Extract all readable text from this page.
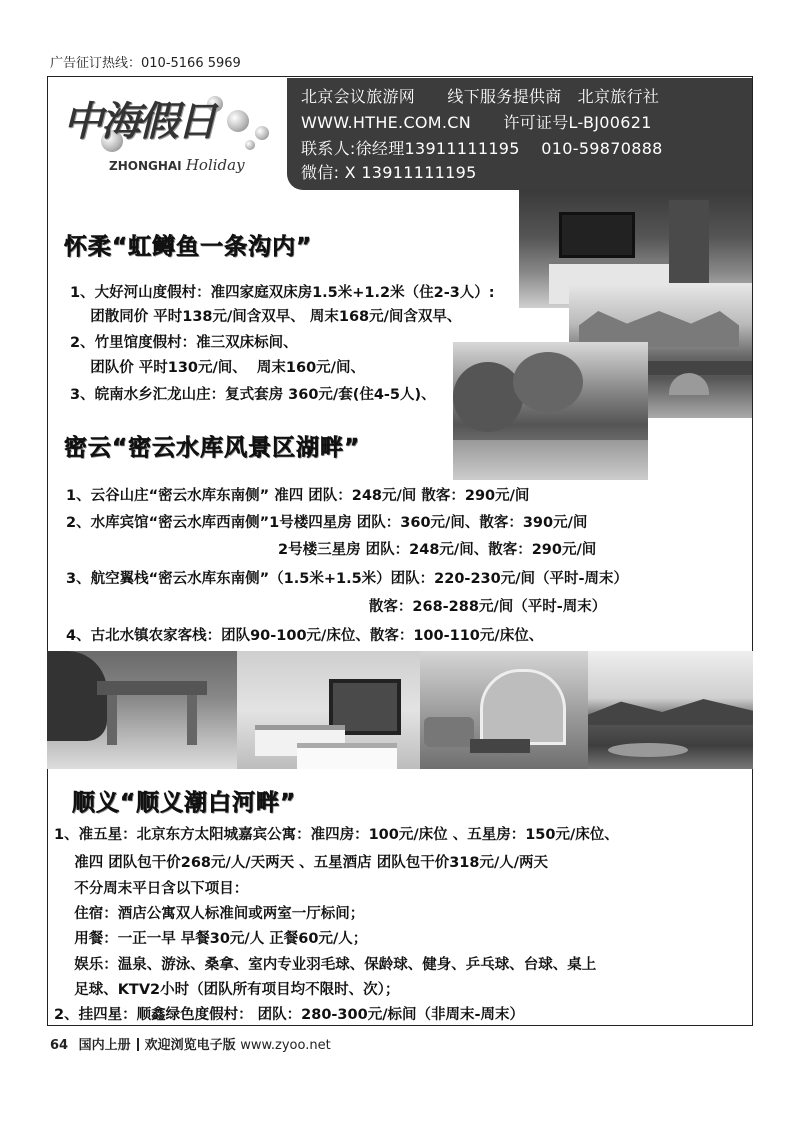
广告征订热线：010-5166 5969
中海假日
ZHONGHAI Holiday
北京会议旅游网      线下服务提供商   北京旅行社
WWW.HTHE.COM.CN      许可证号L-BJ00621
联系人:徐经理13911111195    010-59870888
微信: X 13911111195
怀柔“虹鳟鱼一条沟内”
1、大好河山度假村：准四家庭双床房1.5米+1.2米（住2-3人）:
团散同价 平时138元/间含双早、 周末168元/间含双早、
2、竹里馆度假村：准三双床标间、
团队价 平时130元/间、  周末160元/间、
3、皖南水乡汇龙山庄：复式套房 360元/套(住4-5人)、
密云“密云水库风景区湖畔”
1、云谷山庄“密云水库东南侧” 准四 团队：248元/间 散客：290元/间
2、水库宾馆“密云水库西南侧”1号楼四星房 团队：360元/间、散客：390元/间
2号楼三星房 团队：248元/间、散客：290元/间
3、航空翼栈“密云水库东南侧”（1.5米+1.5米）团队：220-230元/间（平时-周末）
散客：268-288元/间（平时-周末）
4、古北水镇农家客栈：团队90-100元/床位、散客：100-110元/床位、
顺义“顺义潮白河畔”
1、准五星：北京东方太阳城嘉宾公寓：准四房：100元/床位 、五星房：150元/床位、
准四 团队包干价268元/人/天两天 、五星酒店 团队包干价318元/人/两天
不分周末平日含以下项目：
住宿：酒店公寓双人标准间或两室一厅标间；
用餐：一正一早 早餐30元/人 正餐60元/人；
娱乐：温泉、游泳、桑拿、室内专业羽毛球、保龄球、健身、乒乓球、台球、桌上
足球、KTV2小时（团队所有项目均不限时、次）；
2、挂四星：顺鑫绿色度假村： 团队：280-300元/标间（非周末-周末）
64 国内上册 欢迎浏览电子版 www.zyoo.net
